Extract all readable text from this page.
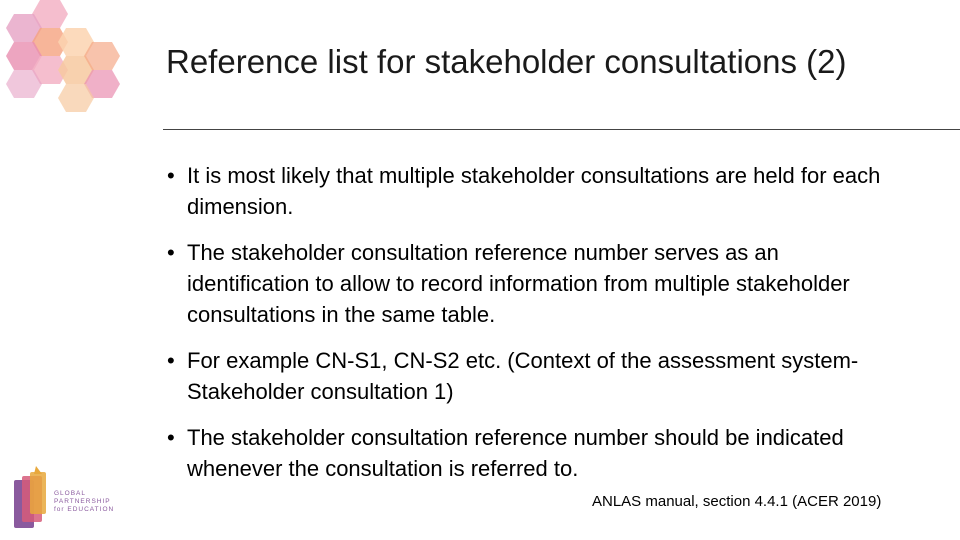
Reference list for stakeholder consultations (2)
• It is most likely that multiple stakeholder consultations are held for each dimension.
• The stakeholder consultation reference number serves as an identification to allow to record information from multiple stakeholder consultations in the same table.
• For example CN-S1, CN-S2 etc. (Context of the assessment system-Stakeholder consultation 1)
• The stakeholder consultation reference number should be indicated whenever the consultation is referred to.
GLOBAL
PARTNERSHIP
for EDUCATION	ANLAS manual, section 4.4.1 (ACER 2019)
